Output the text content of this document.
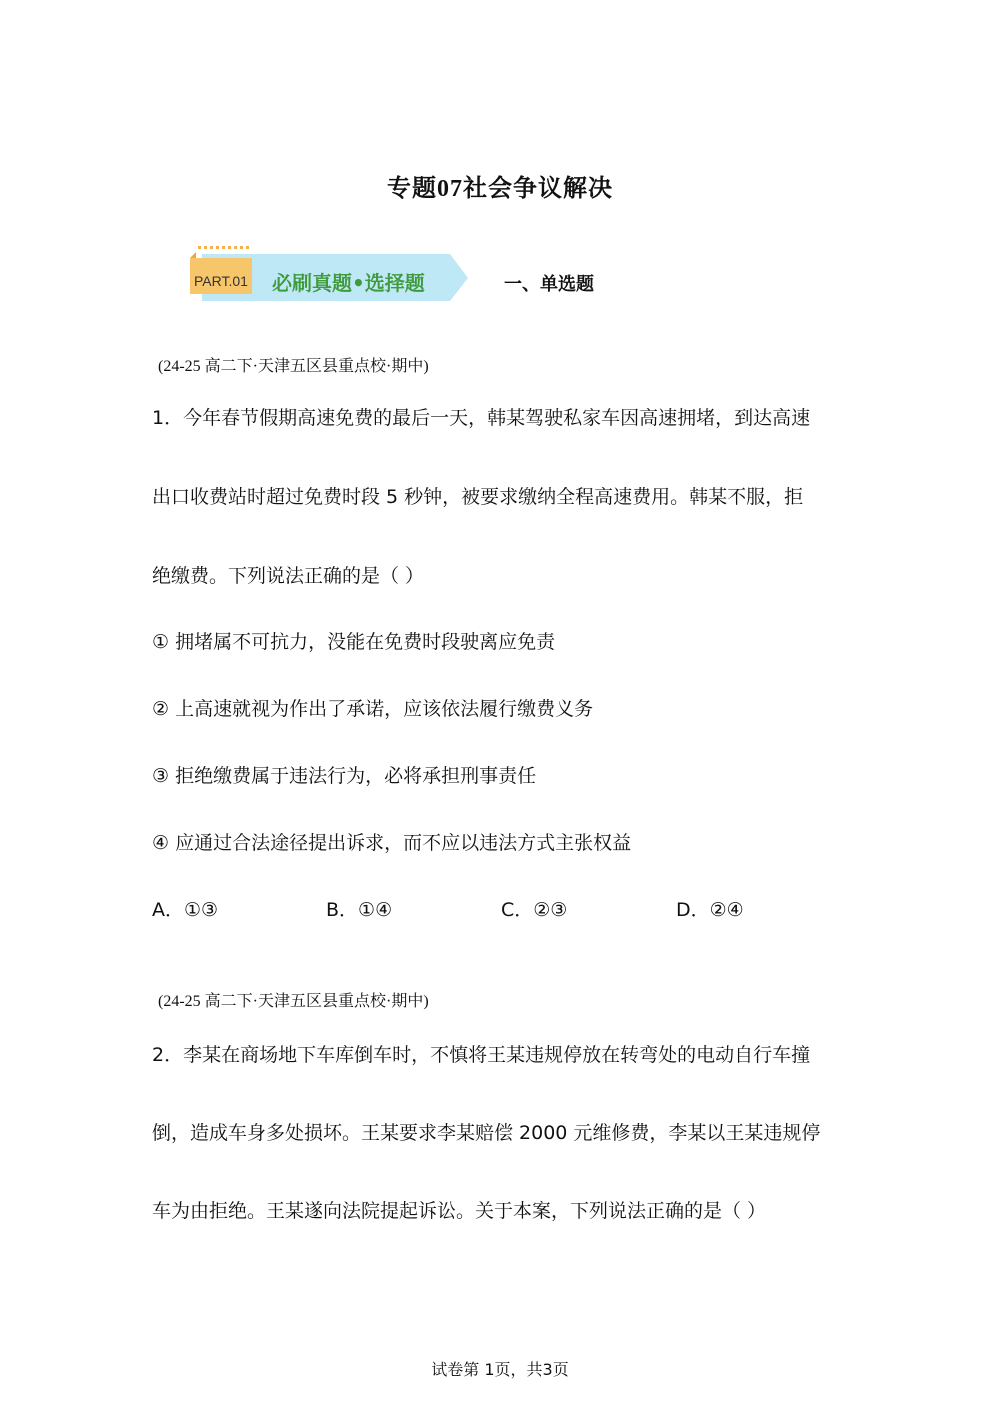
专题07社会争议解决
PART.01 必刷真题•选择题	一、单选题
(24-25 高二下·天津五区县重点校·期中)
1．今年春节假期高速免费的最后一天，韩某驾驶私家车因高速拥堵，到达高速
出口收费站时超过免费时段 5 秒钟，被要求缴纳全程高速费用。韩某不服，拒
绝缴费。下列说法正确的是（ ）
① 拥堵属不可抗力，没能在免费时段驶离应免责
② 上高速就视为作出了承诺，应该依法履行缴费义务
③ 拒绝缴费属于违法行为，必将承担刑事责任
④ 应通过合法途径提出诉求，而不应以违法方式主张权益
A．①③	B．①④	C．②③	D．②④
(24-25 高二下·天津五区县重点校·期中)
2．李某在商场地下车库倒车时，不慎将王某违规停放在转弯处的电动自行车撞
倒，造成车身多处损坏。王某要求李某赔偿 2000 元维修费，李某以王某违规停
车为由拒绝。王某遂向法院提起诉讼。关于本案，下列说法正确的是（ ）
试卷第 1页，共3页
